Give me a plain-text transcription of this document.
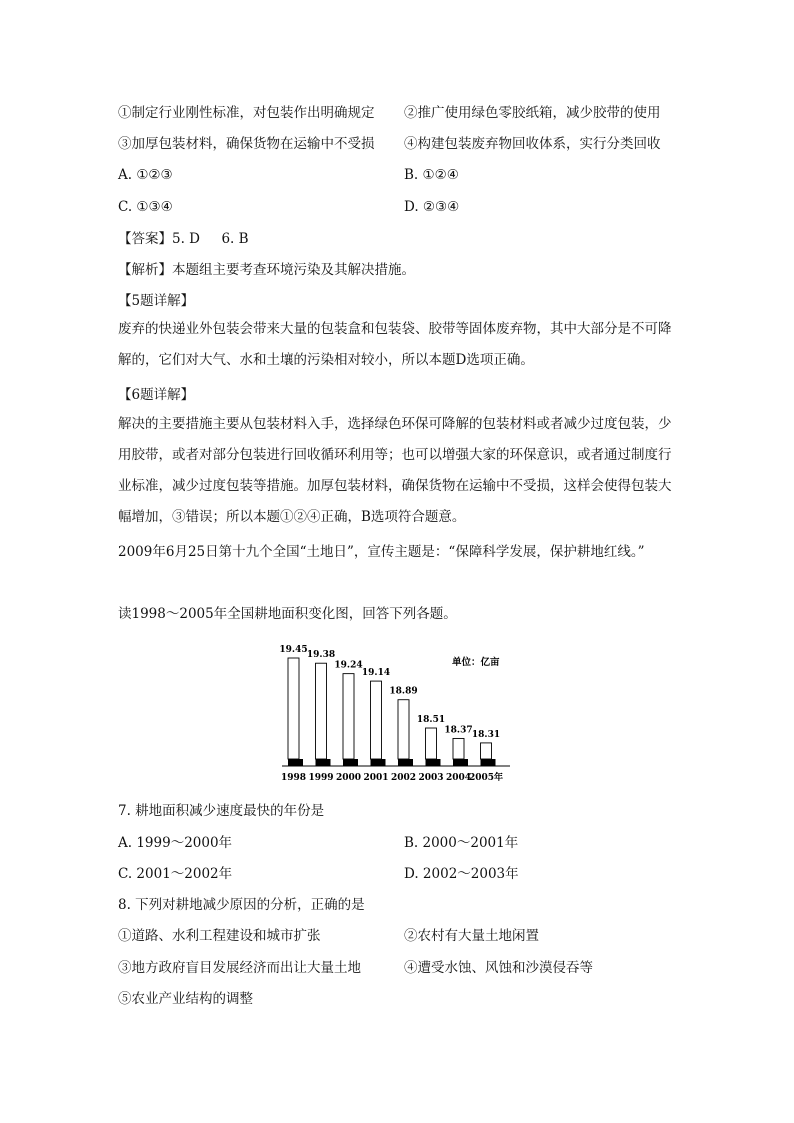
①制定行业刚性标准，对包装作出明确规定 ②推广使用绿色零胶纸箱，减少胶带的使用
③加厚包装材料，确保货物在运输中不受损 ④构建包装废弃物回收体系，实行分类回收
A. ①②③	B. ①②④
C. ①③④	D. ②③④
【答案】5. D     6. B
【解析】本题组主要考查环境污染及其解决措施。
【5题详解】
废弃的快递业外包装会带来大量的包装盒和包装袋、胶带等固体废弃物，其中大部分是不可降解的，它们对大气、水和土壤的污染相对较小，所以本题D选项正确。
【6题详解】
解决的主要措施主要从包装材料入手，选择绿色环保可降解的包装材料或者减少过度包装，少用胶带，或者对部分包装进行回收循环利用等；也可以增强大家的环保意识，或者通过制度行业标准，减少过度包装等措施。加厚包装材料，确保货物在运输中不受损，这样会使得包装大幅增加，③错误；所以本题①②④正确，B选项符合题意。
2009年6月25日第十九个全国“土地日”，宣传主题是：“保障科学发展，保护耕地红线。”
读1998～2005年全国耕地面积变化图，回答下列各题。
19.45
19.38
19.24
19.14
18.89
18.51
18.37 18.31
1998 1999 2000 2001 2002 2003 2004
2005年
单位：亿亩
7. 耕地面积减少速度最快的年份是
A. 1999～2000年	B. 2000～2001年
C. 2001～2002年	D. 2002～2003年
8. 下列对耕地减少原因的分析，正确的是
①道路、水利工程建设和城市扩张	②农村有大量土地闲置
③地方政府盲目发展经济而出让大量土地	④遭受水蚀、风蚀和沙漠侵吞等
⑤农业产业结构的调整
